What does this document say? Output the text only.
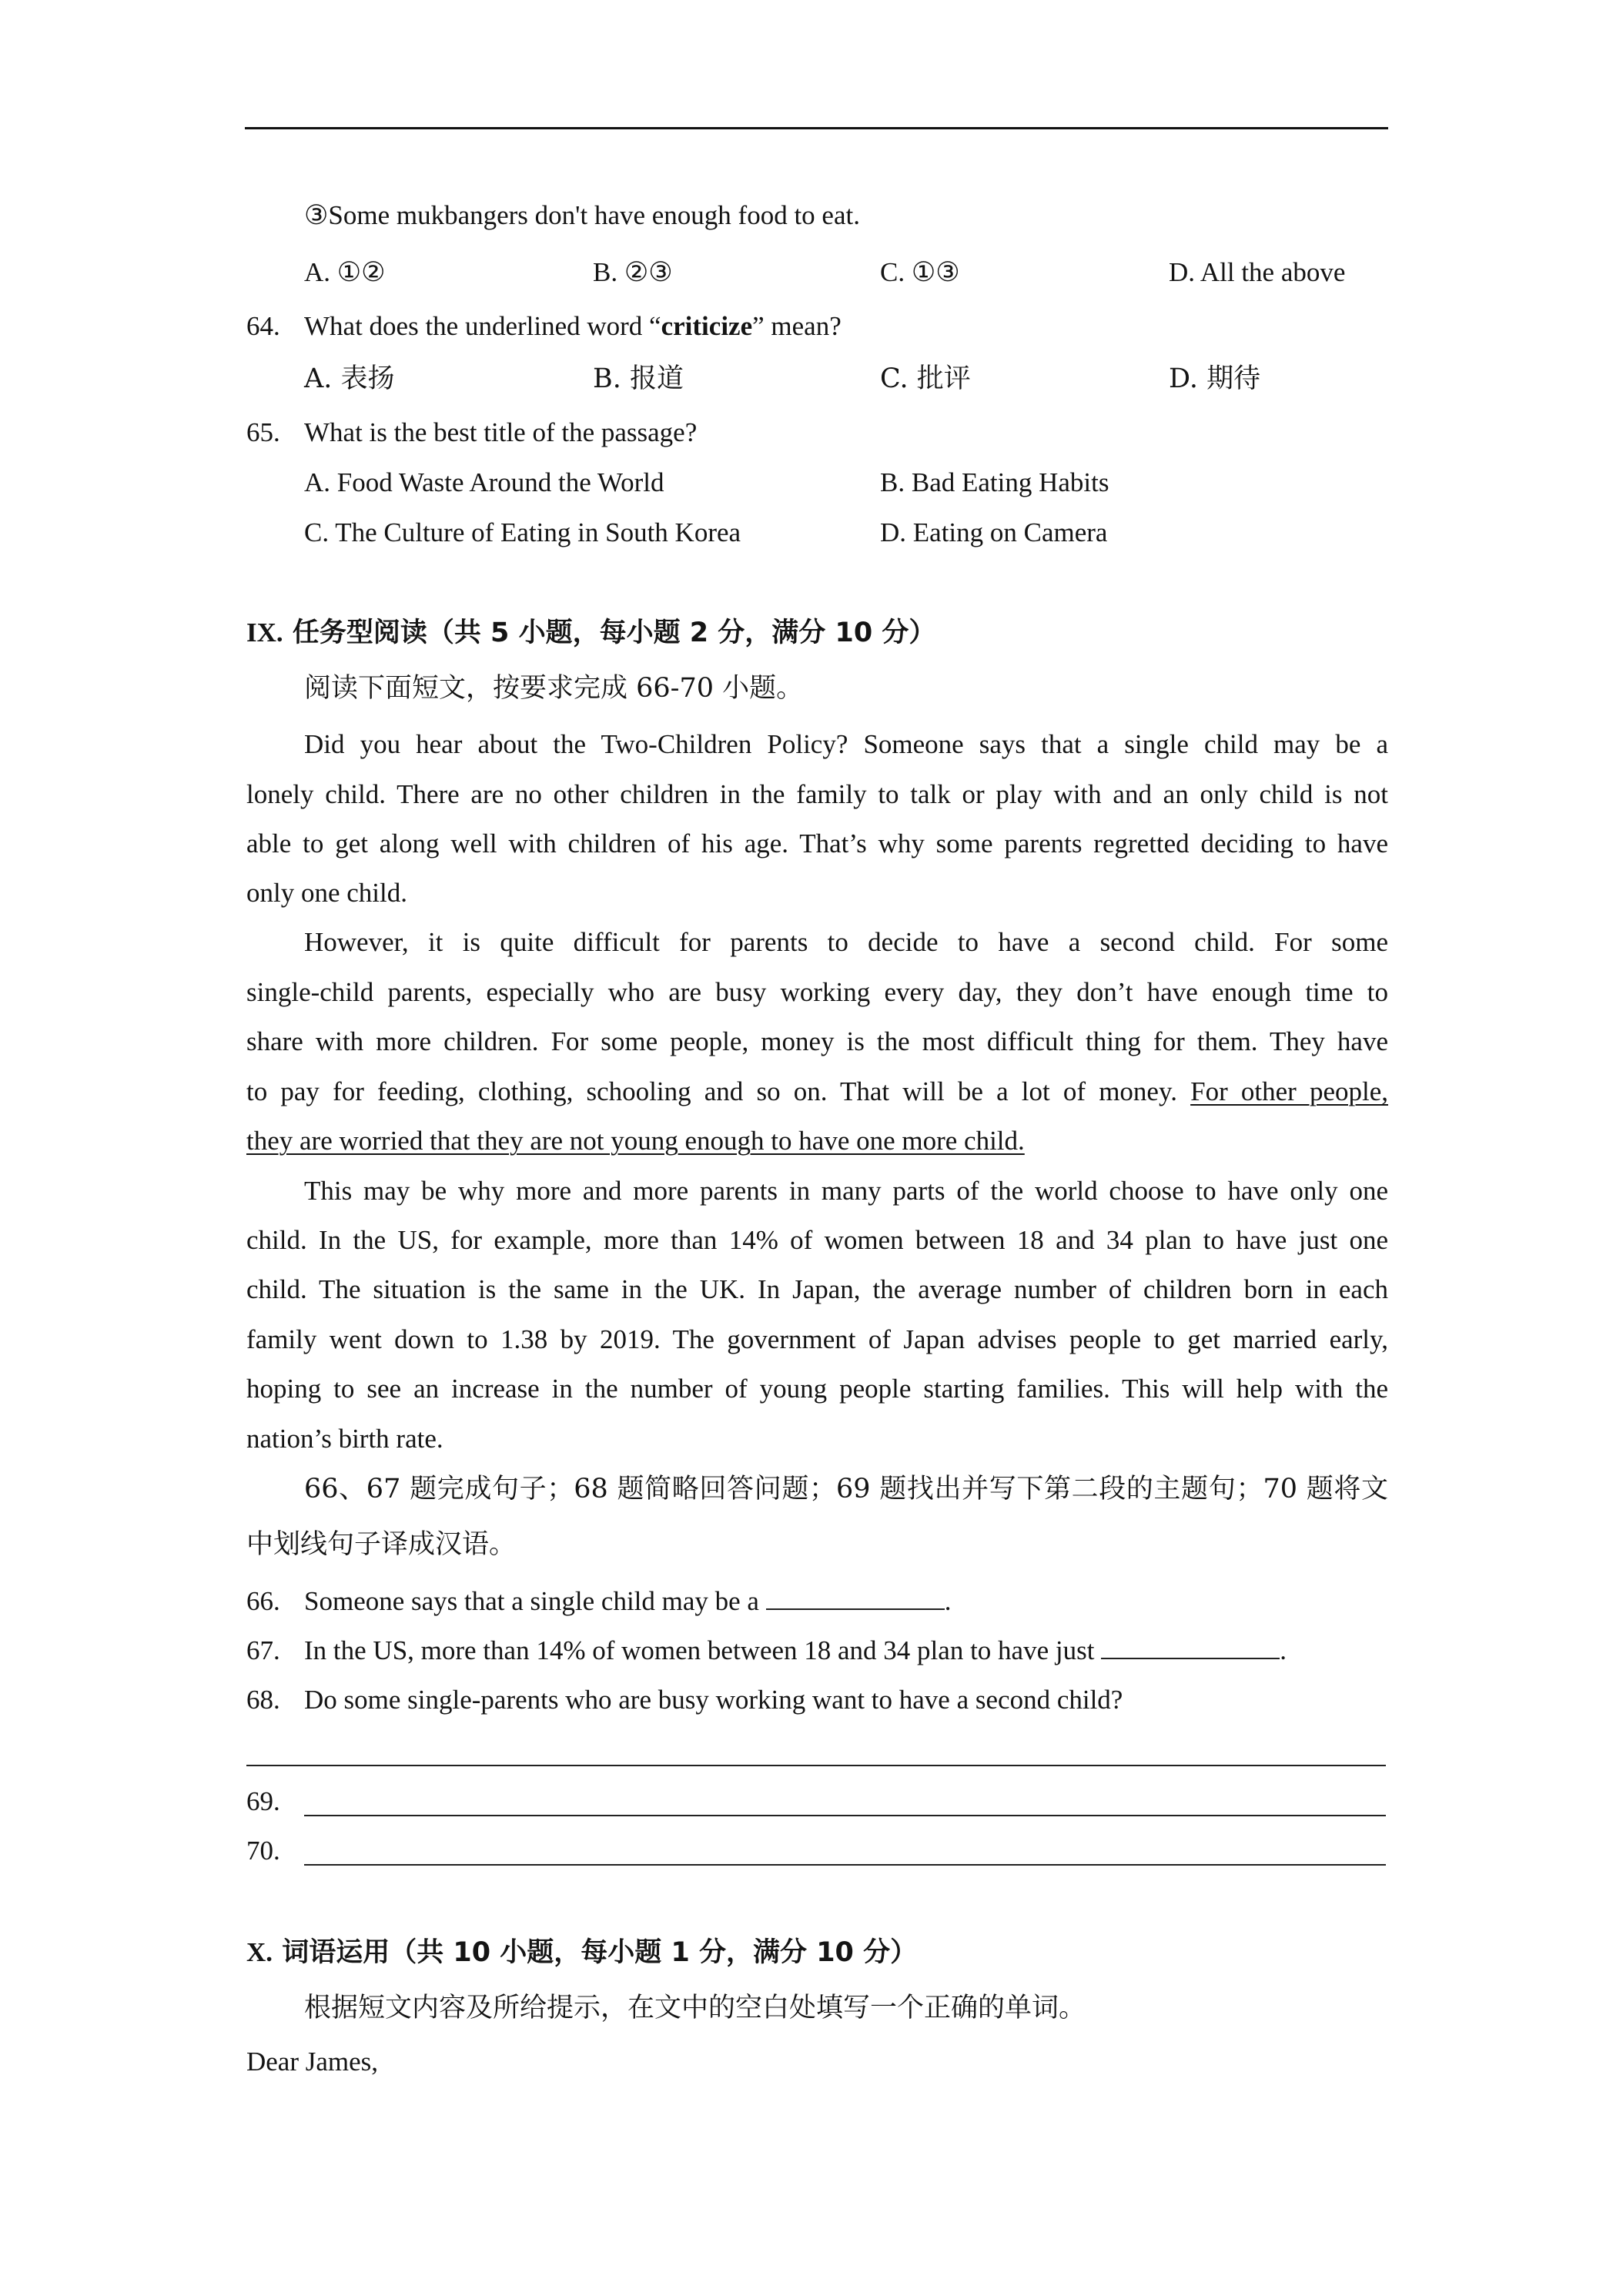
③Some mukbangers don't have enough food to eat.
A. ①②	B. ②③	C. ①③	D. All the above
64. What does the underlined word “criticize” mean?
A. 表扬	B. 报道	C. 批评	D. 期待
65. What is the best title of the passage?
A. Food Waste Around the World	B. Bad Eating Habits
C. The Culture of Eating in South Korea	D. Eating on Camera
IX. 任务型阅读（共 5 小题，每小题 2 分，满分 10 分）
阅读下面短文，按要求完成 66-70 小题。
Did you hear about the Two-Children Policy? Someone says that a single child may be a
lonely child. There are no other children in the family to talk or play with and an only child is not
able to get along well with children of his age. That’s why some parents regretted deciding to have
only one child.
However, it is quite difficult for parents to decide to have a second child. For some
single-child parents, especially who are busy working every day, they don’t have enough time to
share with more children. For some people, money is the most difficult thing for them. They have
to pay for feeding, clothing, schooling and so on. That will be a lot of money. For other people,
they are worried that they are not young enough to have one more child.
This may be why more and more parents in many parts of the world choose to have only one
child. In the US, for example, more than 14% of women between 18 and 34 plan to have just one
child. The situation is the same in the UK. In Japan, the average number of children born in each
family went down to 1.38 by 2019. The government of Japan advises people to get married early,
hoping to see an increase in the number of young people starting families. This will help with the
nation’s birth rate.
66、67 题完成句子；68 题简略回答问题；69 题找出并写下第二段的主题句；70 题将文
中划线句子译成汉语。
66. Someone says that a single child may be a	.
67. In the US, more than 14% of women between 18 and 34 plan to have just	.
68. Do some single-parents who are busy working want to have a second child?
69.
70.
X. 词语运用（共 10 小题，每小题 1 分，满分 10 分）
根据短文内容及所给提示，在文中的空白处填写一个正确的单词。
Dear James,
